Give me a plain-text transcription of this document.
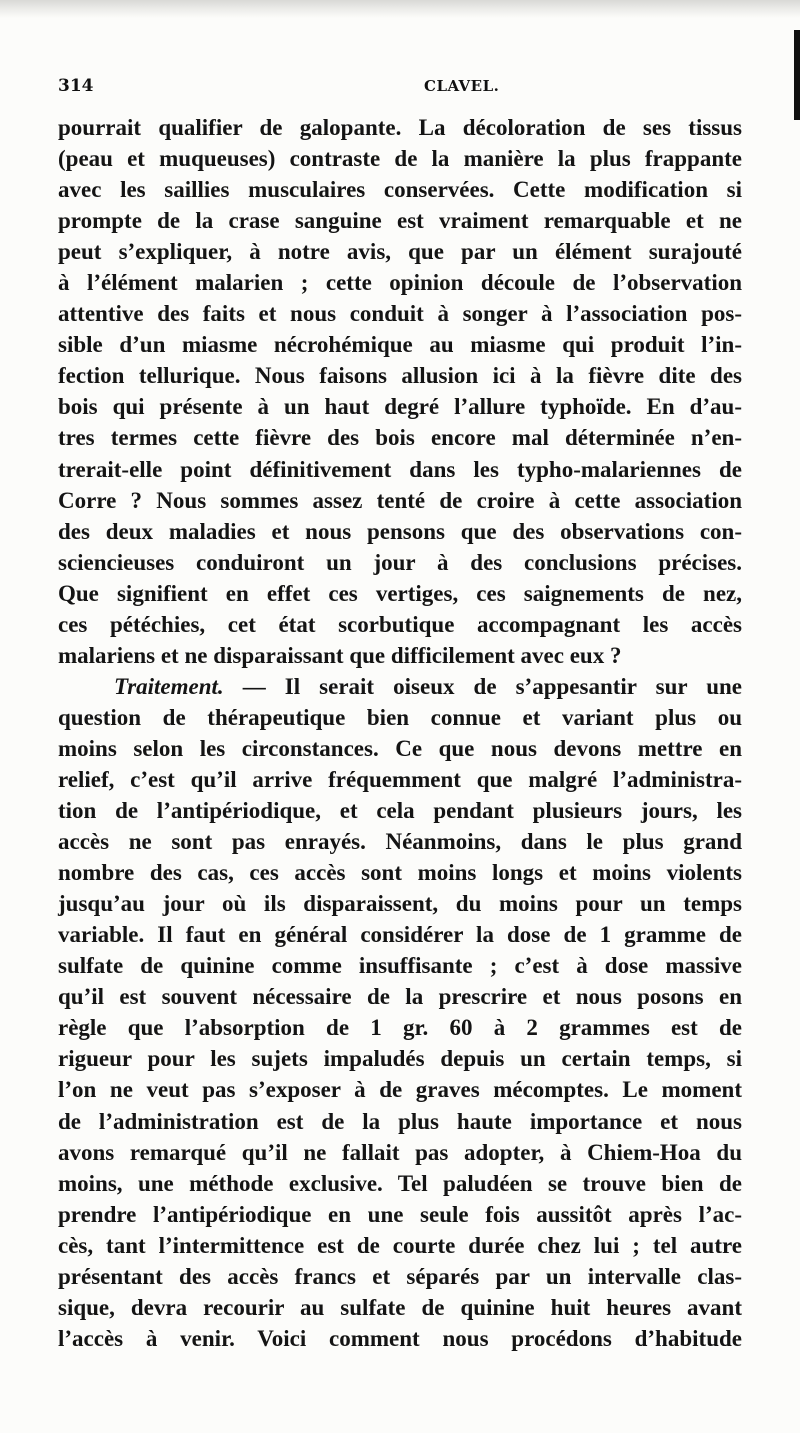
314	CLAVEL.
pourrait qualifier de galopante. La décoloration de ses tissus
(peau et muqueuses) contraste de la manière la plus frappante
avec les saillies musculaires conservées. Cette modification si
prompte de la crase sanguine est vraiment remarquable et ne
peut s’expliquer, à notre avis, que par un élément surajouté
à l’élément malarien ; cette opinion découle de l’observation
attentive des faits et nous conduit à songer à l’association pos-
sible d’un miasme nécrohémique au miasme qui produit l’in-
fection tellurique. Nous faisons allusion ici à la fièvre dite des
bois qui présente à un haut degré l’allure typhoïde. En d’au-
tres termes cette fièvre des bois encore mal déterminée n’en-
trerait-elle point définitivement dans les typho-malariennes de
Corre ? Nous sommes assez tenté de croire à cette association
des deux maladies et nous pensons que des observations con-
sciencieuses conduiront un jour à des conclusions précises.
Que signifient en effet ces vertiges, ces saignements de nez,
ces pétéchies, cet état scorbutique accompagnant les accès
malariens et ne disparaissant que difficilement avec eux ?
Traitement. — Il serait oiseux de s’appesantir sur une
question de thérapeutique bien connue et variant plus ou
moins selon les circonstances. Ce que nous devons mettre en
relief, c’est qu’il arrive fréquemment que malgré l’administra-
tion de l’antipériodique, et cela pendant plusieurs jours, les
accès ne sont pas enrayés. Néanmoins, dans le plus grand
nombre des cas, ces accès sont moins longs et moins violents
jusqu’au jour où ils disparaissent, du moins pour un temps
variable. Il faut en général considérer la dose de 1 gramme de
sulfate de quinine comme insuffisante ; c’est à dose massive
qu’il est souvent nécessaire de la prescrire et nous posons en
règle que l’absorption de 1 gr. 60 à 2 grammes est de
rigueur pour les sujets impaludés depuis un certain temps, si
l’on ne veut pas s’exposer à de graves mécomptes. Le moment
de l’administration est de la plus haute importance et nous
avons remarqué qu’il ne fallait pas adopter, à Chiem-Hoa du
moins, une méthode exclusive. Tel paludéen se trouve bien de
prendre l’antipériodique en une seule fois aussitôt après l’ac-
cès, tant l’intermittence est de courte durée chez lui ; tel autre
présentant des accès francs et séparés par un intervalle clas-
sique, devra recourir au sulfate de quinine huit heures avant
l’accès à venir. Voici comment nous procédons d’habitude
